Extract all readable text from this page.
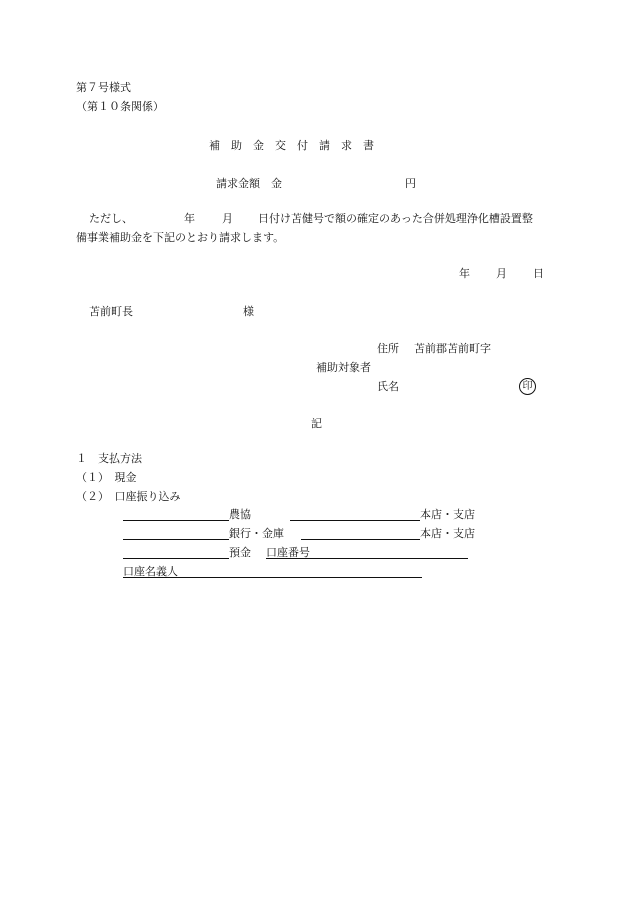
第７号様式
（第１０条関係）
補　助　金　交　付　請　求　書
請求金額　金	円
ただし、	年 月 日付け苫健号で額の確定のあった合併処理浄化槽設置整
備事業補助金を下記のとおり請求します。
年 月 日
苫前町長	様
住所 苫前郡苫前町字
補助対象者
氏名	印
記
１　支払方法
（１）　現金
（２）　口座振り込み
農協	本店・支店
銀行・金庫	本店・支店
預金 口座番号
口座名義人
